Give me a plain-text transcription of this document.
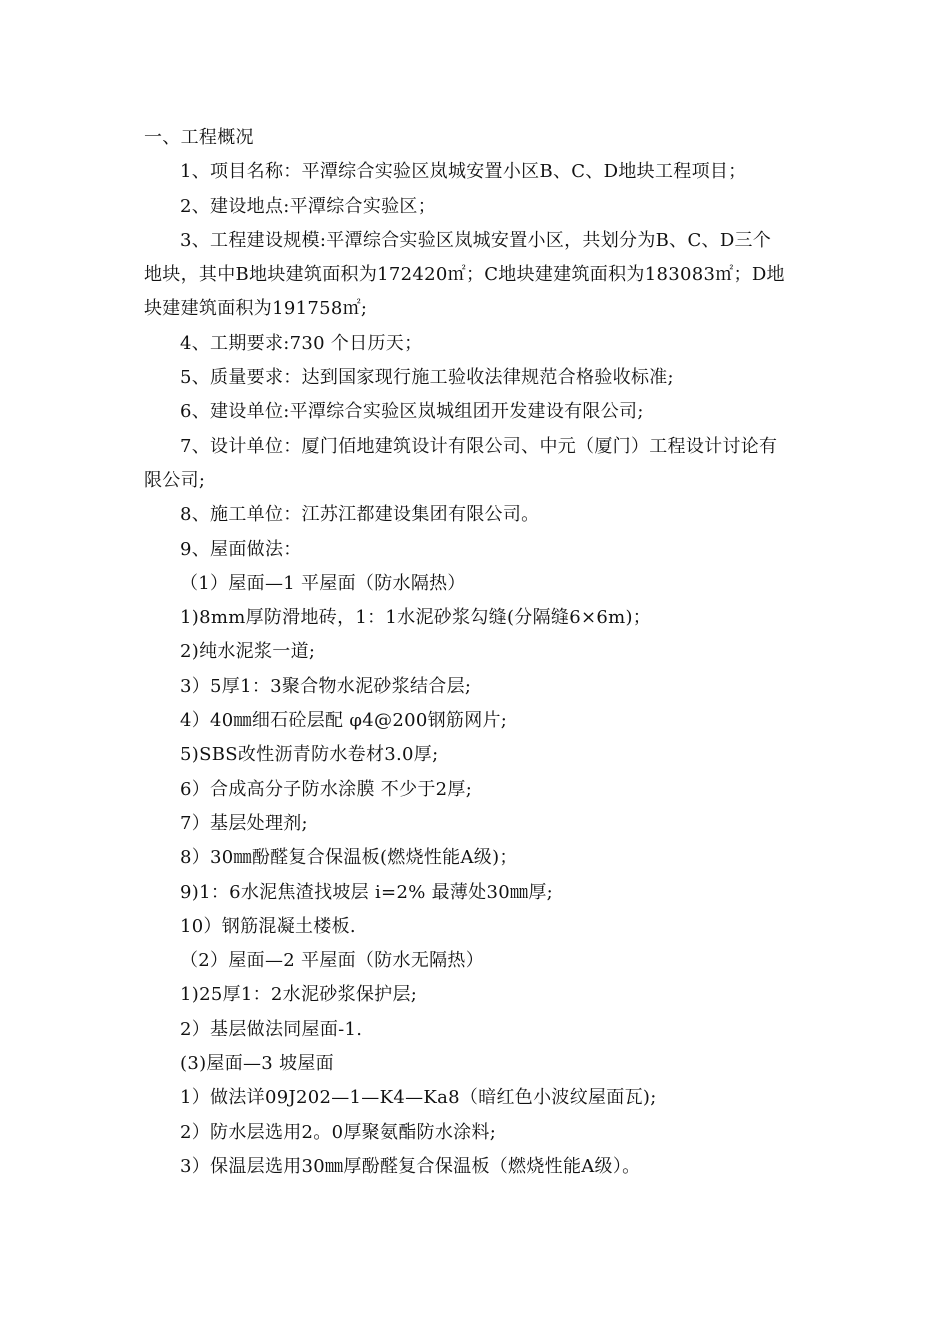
一、工程概况
1、项目名称：平潭综合实验区岚城安置小区B、C、D地块工程项目；
2、建设地点:平潭综合实验区；
3、工程建设规模:平潭综合实验区岚城安置小区，共划分为B、C、D三个
地块，其中B地块建筑面积为172420㎡；C地块建建筑面积为183083㎡；D地
块建建筑面积为191758㎡;
4、工期要求:730 个日历天；
5、质量要求：达到国家现行施工验收法律规范合格验收标准;
6、建设单位:平潭综合实验区岚城组团开发建设有限公司;
7、设计单位：厦门佰地建筑设计有限公司、中元（厦门）工程设计讨论有
限公司;
8、施工单位：江苏江都建设集团有限公司。
9、屋面做法：
（1）屋面—1 平屋面（防水隔热）
1)8mm厚防滑地砖，1：1水泥砂浆勾缝(分隔缝6×6m)；
2)纯水泥浆一道;
3）5厚1：3聚合物水泥砂浆结合层;
4）40㎜细石砼层配 φ4@200钢筋网片;
5)SBS改性沥青防水卷材3.0厚;
6）合成高分子防水涂膜 不少于2厚;
7）基层处理剂;
8）30㎜酚醛复合保温板(燃烧性能A级)；
9)1：6水泥焦渣找坡层 i=2% 最薄处30㎜厚;
10）钢筋混凝土楼板.
（2）屋面—2 平屋面（防水无隔热）
1)25厚1：2水泥砂浆保护层;
2）基层做法同屋面-1.
(3)屋面—3 坡屋面
1）做法详09J202—1—K4—Ka8（暗红色小波纹屋面瓦);
2）防水层选用2。0厚聚氨酯防水涂料;
3）保温层选用30㎜厚酚醛复合保温板（燃烧性能A级）。
